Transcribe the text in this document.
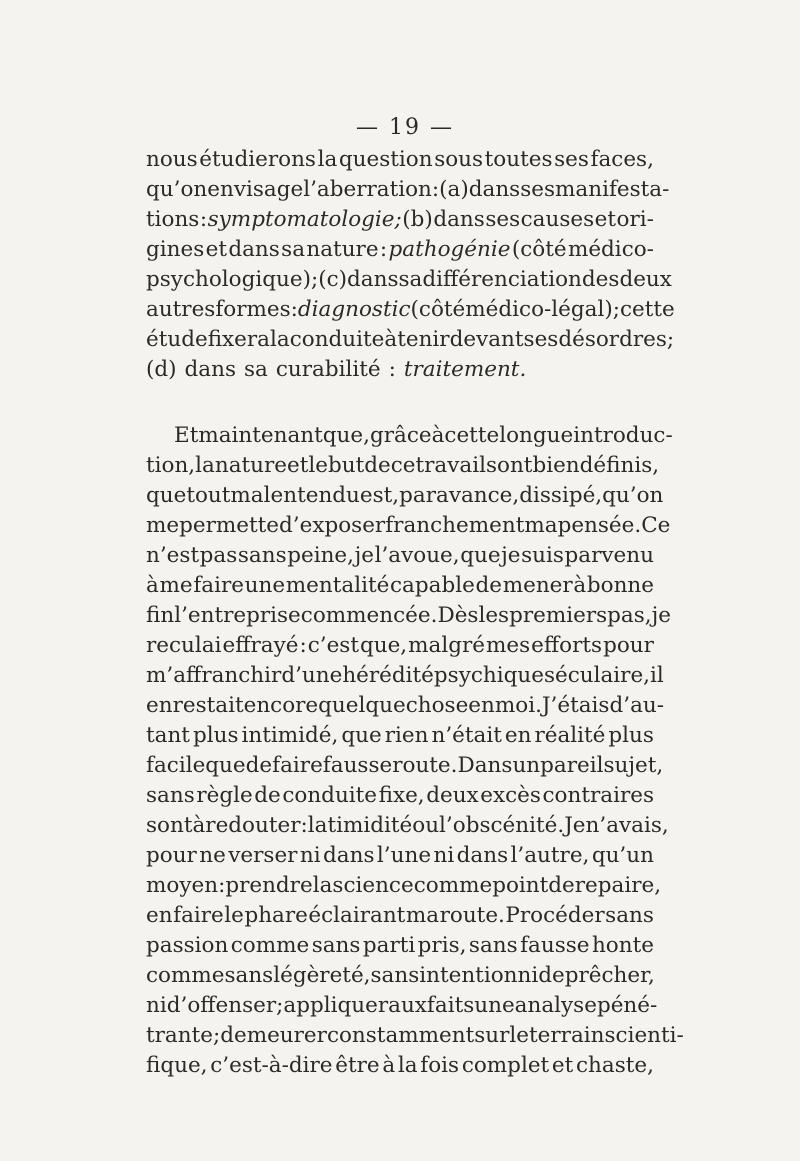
— 19 —
nous étudierons la question sous toutes ses faces,
qu’on envisage l’aberration : (a) dans ses manifesta-
tions : symptomatologie; (b) dans ses causes et ori-
gines et dans sa nature : pathogénie (côté médico-
psychologique) ; (c) dans sa différenciation des deux
autres formes : diagnostic (côté médico-légal) ; cette
étude fixera la conduite à tenir devant ses désordres ;
(d) dans sa curabilité : traitement.
Et maintenant que, grâce à cette longue introduc-
tion, la nature et le but de ce travail sont bien définis,
que tout malentendu est, par avance, dissipé, qu’on
me permette d’exposer franchement ma pensée. Ce
n’est pas sans peine, je l’avoue, que je suis parvenu
à me faire une mentalité capable de mener à bonne
fin l’entreprise commencée. Dès les premiers pas, je
reculai effrayé : c’est que, malgré mes efforts pour
m’affranchir d’une hérédité psychique séculaire, il
en restait encore quelque chose en moi. J’étais d’au-
tant plus intimidé, que rien n’était en réalité plus
facile que de faire fausse route. Dans un pareil sujet,
sans règle de conduite fixe, deux excès contraires
sont à redouter : la timidité ou l’obscénité. Je n’avais,
pour ne verser ni dans l’une ni dans l’autre, qu’un
moyen : prendre la science comme point de repaire,
en faire le phare éclairant ma route. Procéder sans
passion comme sans parti pris, sans fausse honte
comme sans légèreté, sans intention ni de prêcher,
ni d’offenser ; appliquer aux faits une analyse péné-
trante ; demeurer constamment sur le terrain scienti-
fique, c’est-à-dire être à la fois complet et chaste,
